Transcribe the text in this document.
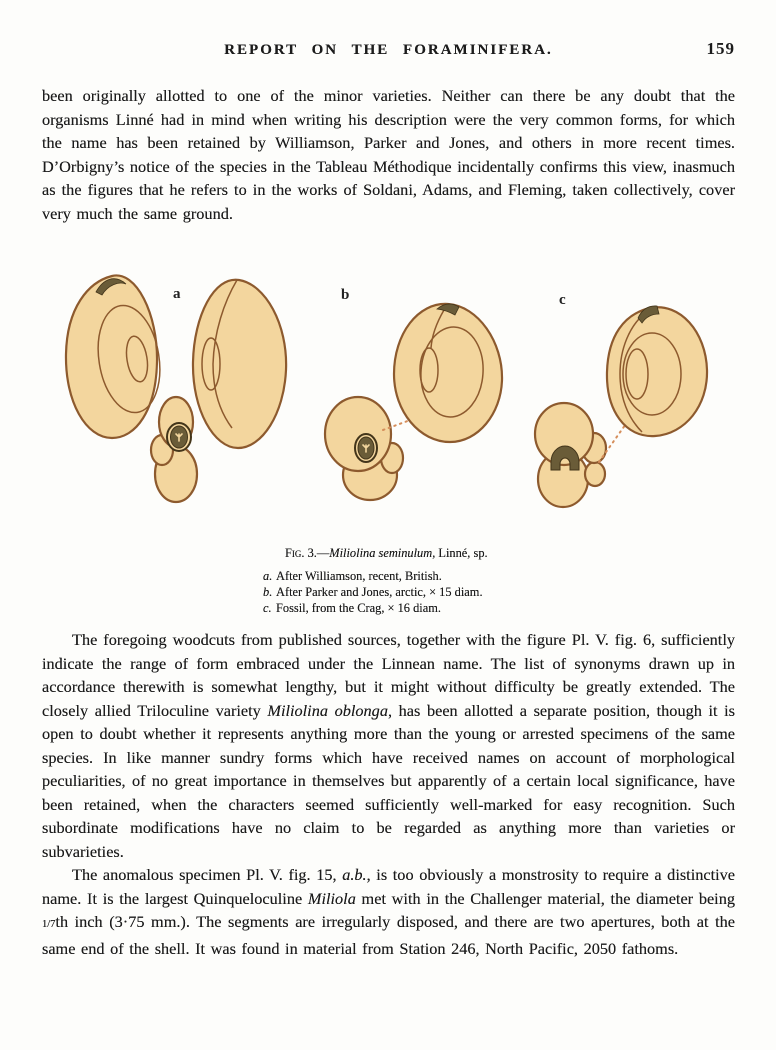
REPORT ON THE FORAMINIFERA.	159

been originally allotted to one of the minor varieties. Neither can there be any doubt that the organisms Linné had in mind when writing his description were the very common forms, for which the name has been retained by Williamson, Parker and Jones, and others in more recent times. D’Orbigny’s notice of the species in the Tableau Méthodique incidentally confirms this view, inasmuch as the figures that he refers to in the works of Soldani, Adams, and Fleming, taken collectively, cover very much the same ground.

a	b	c
Fig. 3.—Miliolina seminulum, Linné, sp.
a. After Williamson, recent, British.
b. After Parker and Jones, arctic, × 15 diam.
c. Fossil, from the Crag, × 16 diam.

The foregoing woodcuts from published sources, together with the figure Pl. V. fig. 6, sufficiently indicate the range of form embraced under the Linnean name. The list of synonyms drawn up in accordance therewith is somewhat lengthy, but it might without difficulty be greatly extended. The closely allied Triloculine variety Miliolina oblonga, has been allotted a separate position, though it is open to doubt whether it represents anything more than the young or arrested specimens of the same species. In like manner sundry forms which have received names on account of morphological peculiarities, of no great importance in themselves but apparently of a certain local significance, have been retained, when the characters seemed sufficiently well-marked for easy recognition. Such subordinate modifications have no claim to be regarded as anything more than varieties or subvarieties.

The anomalous specimen Pl. V. fig. 15, a.b., is too obviously a monstrosity to require a distinctive name. It is the largest Quinqueloculine Miliola met with in the Challenger material, the diameter being 1/7th inch (3·75 mm.). The segments are irregularly disposed, and there are two apertures, both at the same end of the shell. It was found in material from Station 246, North Pacific, 2050 fathoms.
